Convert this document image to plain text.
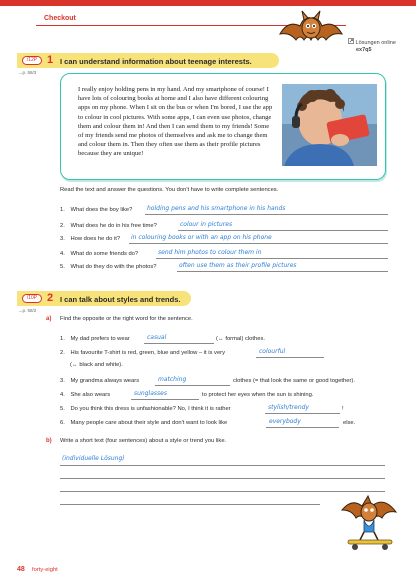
Checkout
Lösungen online
ex7q5
/12P 1 I can understand information about teenage interests.
→p. 58/3
I really enjoy holding pens in my hand. And my smartphone of course! I have lots of colouring books at home and I also have different colouring apps on my phone. When I sit on the bus or when I'm bored, I use the app to colour in cool pictures. With some apps, I can even use photos, change them and colour them in! And then I can send them to my friends! Some of my friends send me photos of themselves and ask me to change them and colour them in. Then they often use them as their profile pictures because they are unique!
Read the text and answer the questions. You don't have to write complete sentences.
1. What does the boy like? holding pens and his smartphone in his hands
2. What does he do in his free time?	colour in pictures
3. How does he do it? in colouring books or with an app on his phone
4. What do some friends do?	send him photos to colour them in
5. What do they do with the photos?	often use them as their profile pictures
/10P 2 I can talk about styles and trends.
→p. 58/2
a) Find the opposite or the right word for the sentence.
1. My dad prefers to wear	casual	(↔ formal) clothes.
2. His favourite T-shirt is red, green, blue and yellow – it is very	colourful
(↔ black and white).
3. My grandma always wears	matching	clothes (= that look the same or good together).
4. She also wears	sunglasses	to protect her eyes when the sun is shining.
5. Do you think this dress is unfashionable? No, I think it is rather	stylish/trendy	!
6. Many people care about their style and don't want to look like	everybody	else.
b) Write a short text (four sentences) about a style or trend you like.
(individuelle Lösung)
48 forty-eight
